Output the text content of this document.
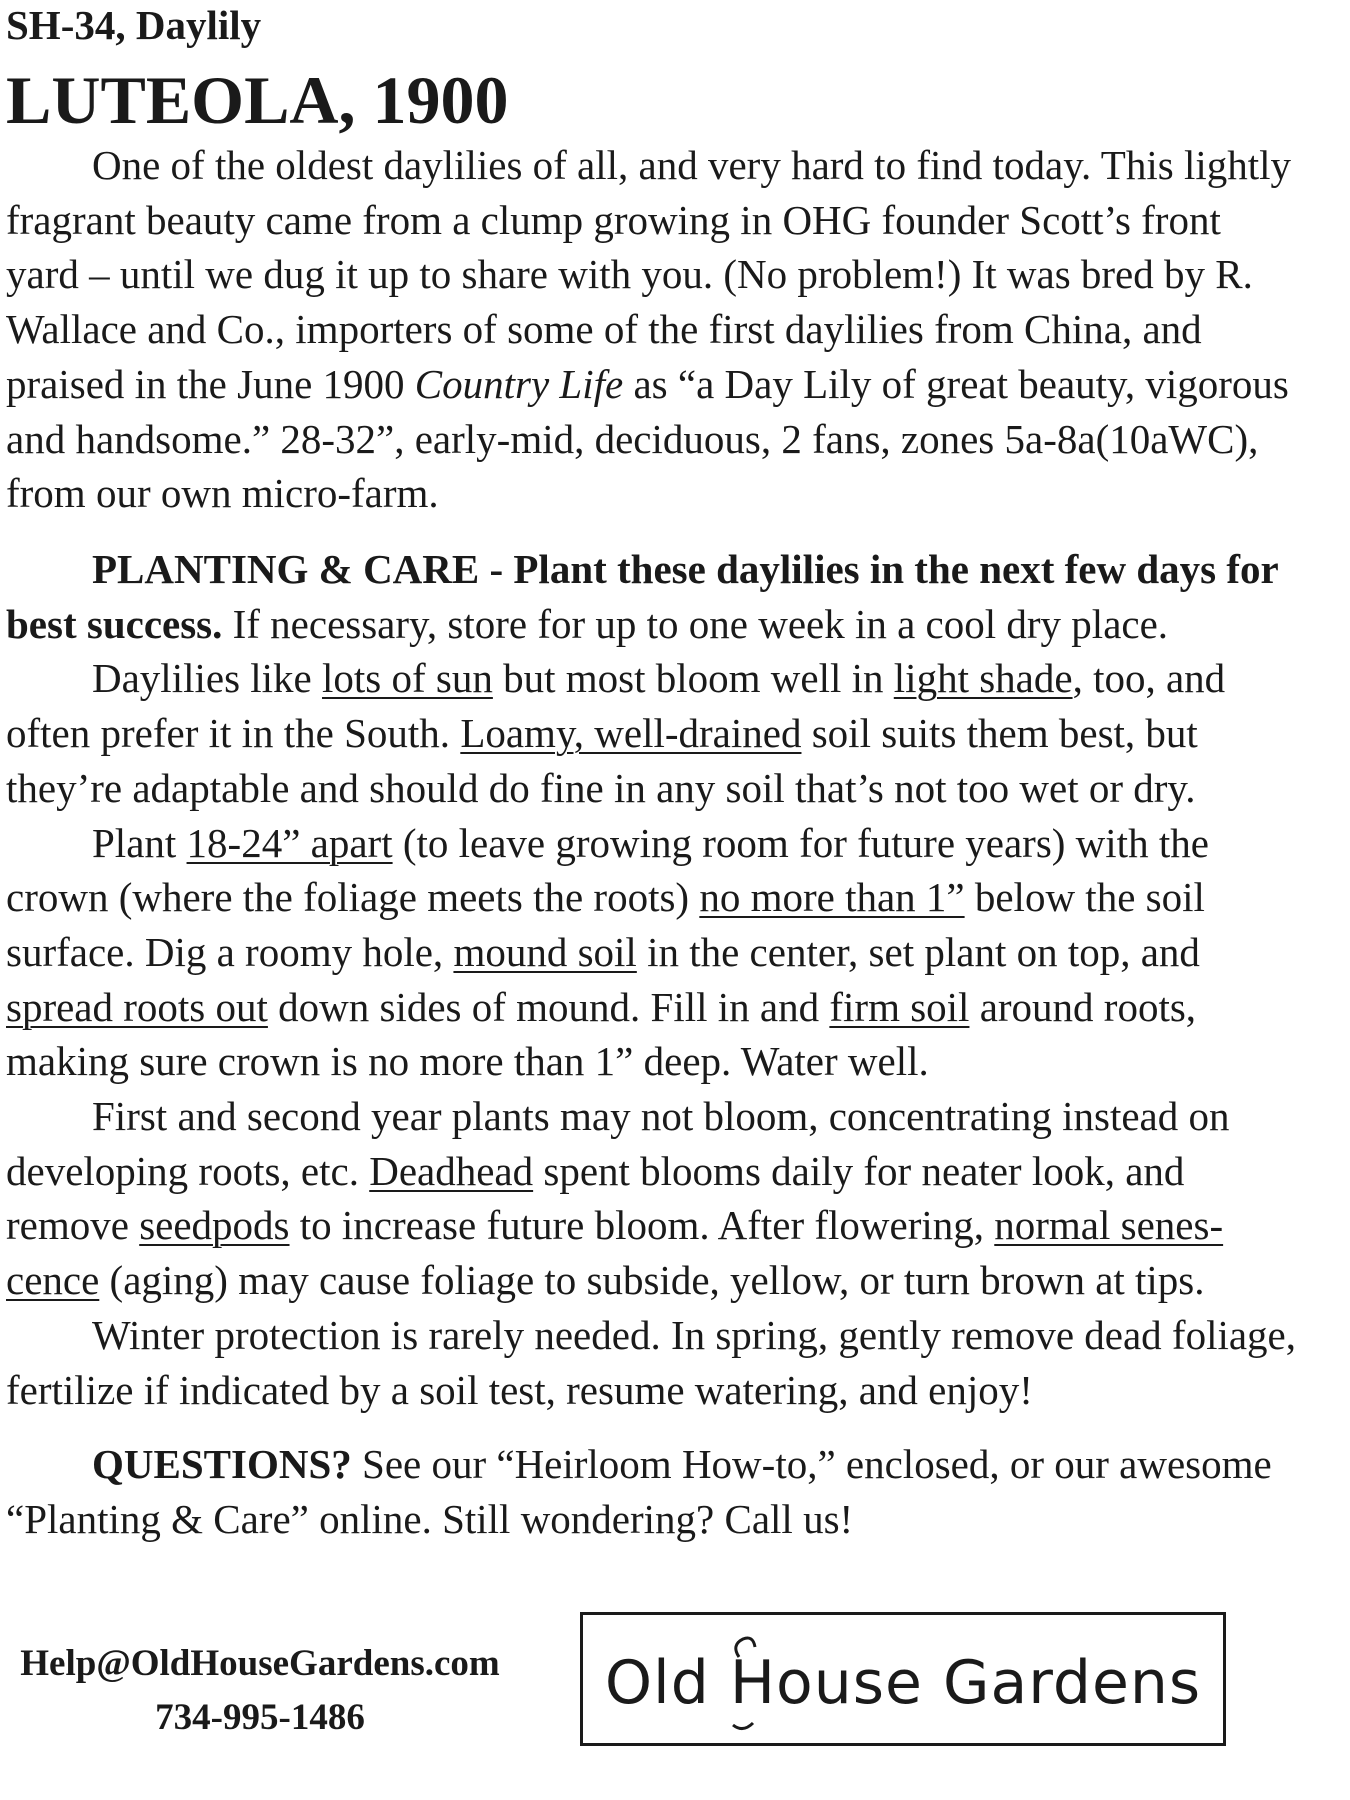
SH-34, Daylily
LUTEOLA, 1900

One of the oldest daylilies of all, and very hard to find today. This lightly fragrant beauty came from a clump growing in OHG founder Scott’s front yard – until we dug it up to share with you. (No problem!) It was bred by R. Wallace and Co., importers of some of the first daylilies from China, and praised in the June 1900 Country Life as “a Day Lily of great beauty, vigorous and handsome.” 28-32”, early-mid, deciduous, 2 fans, zones 5a-8a(10aWC), from our own micro-farm.

PLANTING & CARE - Plant these daylilies in the next few days for best success. If necessary, store for up to one week in a cool dry place.

Daylilies like lots of sun but most bloom well in light shade, too, and often prefer it in the South. Loamy, well-drained soil suits them best, but they’re adaptable and should do fine in any soil that’s not too wet or dry.

Plant 18-24” apart (to leave growing room for future years) with the crown (where the foliage meets the roots) no more than 1” below the soil surface. Dig a roomy hole, mound soil in the center, set plant on top, and spread roots out down sides of mound. Fill in and firm soil around roots, making sure crown is no more than 1” deep. Water well.

First and second year plants may not bloom, concentrating instead on developing roots, etc. Deadhead spent blooms daily for neater look, and remove seedpods to increase future bloom. After flowering, normal senes-
cence (aging) may cause foliage to subside, yellow, or turn brown at tips.

Winter protection is rarely needed. In spring, gently remove dead foliage, fertilize if indicated by a soil test, resume watering, and enjoy!

QUESTIONS? See our “Heirloom How-to,” enclosed, or our awesome “Planting & Care” online. Still wondering? Call us!

Help@OldHouseGardens.com
734-995-1486	Old House Gardens
